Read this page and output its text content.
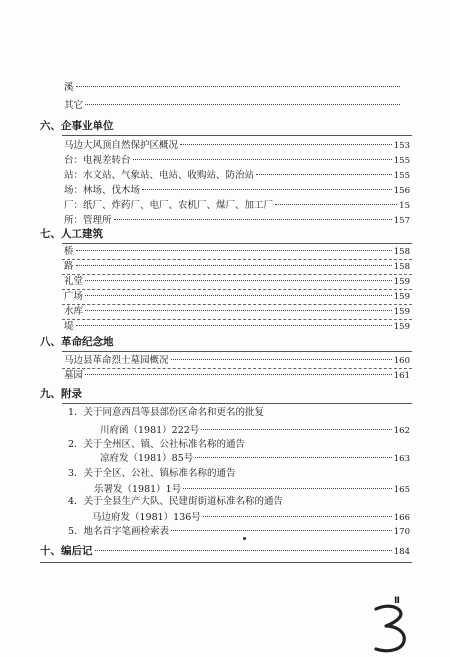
溪
其它
六、企事业单位
马边大风顶自然保护区概况	153
台：电视差转台	155
站：水文站、气象站、电站、收购站、防治站	155
场：林场、伐木场	156
厂：纸厂、炸药厂、电厂、农机厂、煤厂、加工厂	15
所：管理所	157
七、人工建筑
桥	158
路	158
礼堂	159
广场	159
水库	159
堤	159
八、革命纪念地
马边县革命烈士墓园概况	160
墓园	161
九、附录
1．关于同意西昌等县部份区命名和更名的批复
川府函（1981）222号	162
2．关于全州区、镇、公社标准名称的通告
凉府发（1981）85号	163
3．关于全区、公社、镇标准名称的通告
乐署发（1981）1号	165
4．关于全县生产大队、民建街街道标准名称的通告
马边府发（1981）136号	166
5．地名首字笔画检索表	170
十、编后记	184
Ⅱ
